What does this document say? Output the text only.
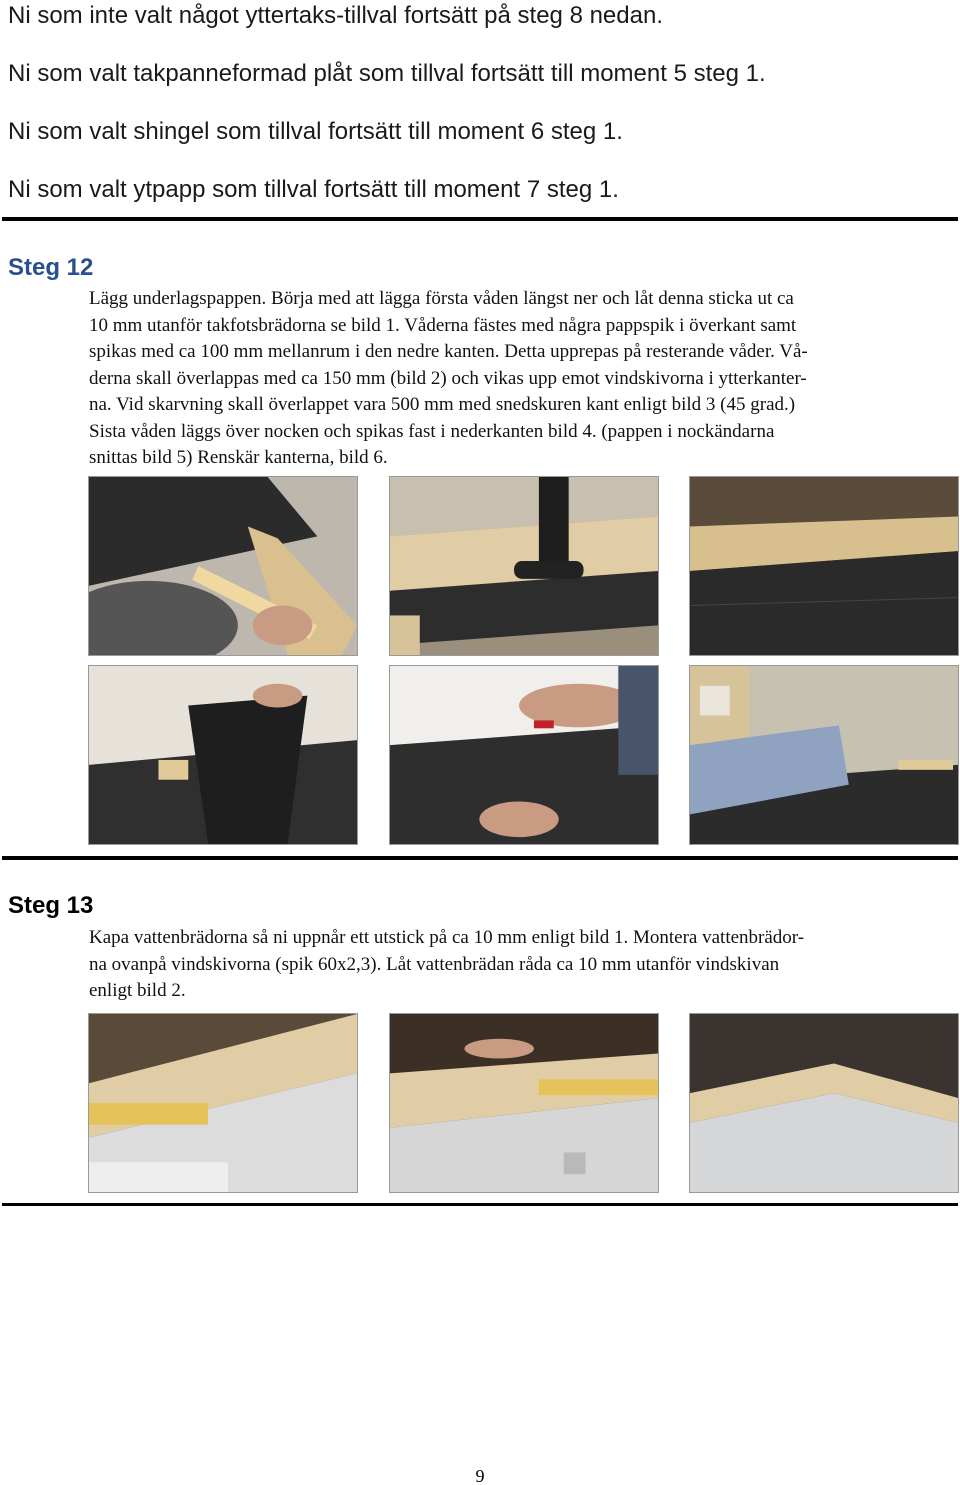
Ni som inte valt något yttertaks-tillval fortsätt på steg 8 nedan.
Ni som valt takpanneformad plåt som tillval fortsätt till moment 5 steg 1.
Ni som valt shingel som tillval fortsätt till moment 6 steg 1.
Ni som valt ytpapp som tillval fortsätt till moment 7 steg 1.
Steg 12
Lägg underlagspappen. Börja med att lägga första våden längst ner och låt denna sticka ut ca
10 mm utanför takfotsbrädorna se bild 1. Våderna fästes med några pappspik i överkant samt
spikas med ca 100 mm mellanrum i den nedre kanten. Detta upprepas på resterande våder. Vå-
derna skall överlappas med ca 150 mm (bild 2) och vikas upp emot vindskivorna i ytterkanter-
na. Vid skarvning skall överlappet vara 500 mm med snedskuren kant enligt bild 3 (45 grad.)
Sista våden läggs över nocken och spikas fast i nederkanten bild 4. (pappen i nockändarna
snittas bild 5) Renskär kanterna, bild 6.
Steg 13
Kapa vattenbrädorna så ni uppnår ett utstick på ca 10 mm enligt bild 1. Montera vattenbrädor-
na ovanpå vindskivorna (spik 60x2,3). Låt vattenbrädan råda ca 10 mm utanför vindskivan
enligt bild 2.
9
